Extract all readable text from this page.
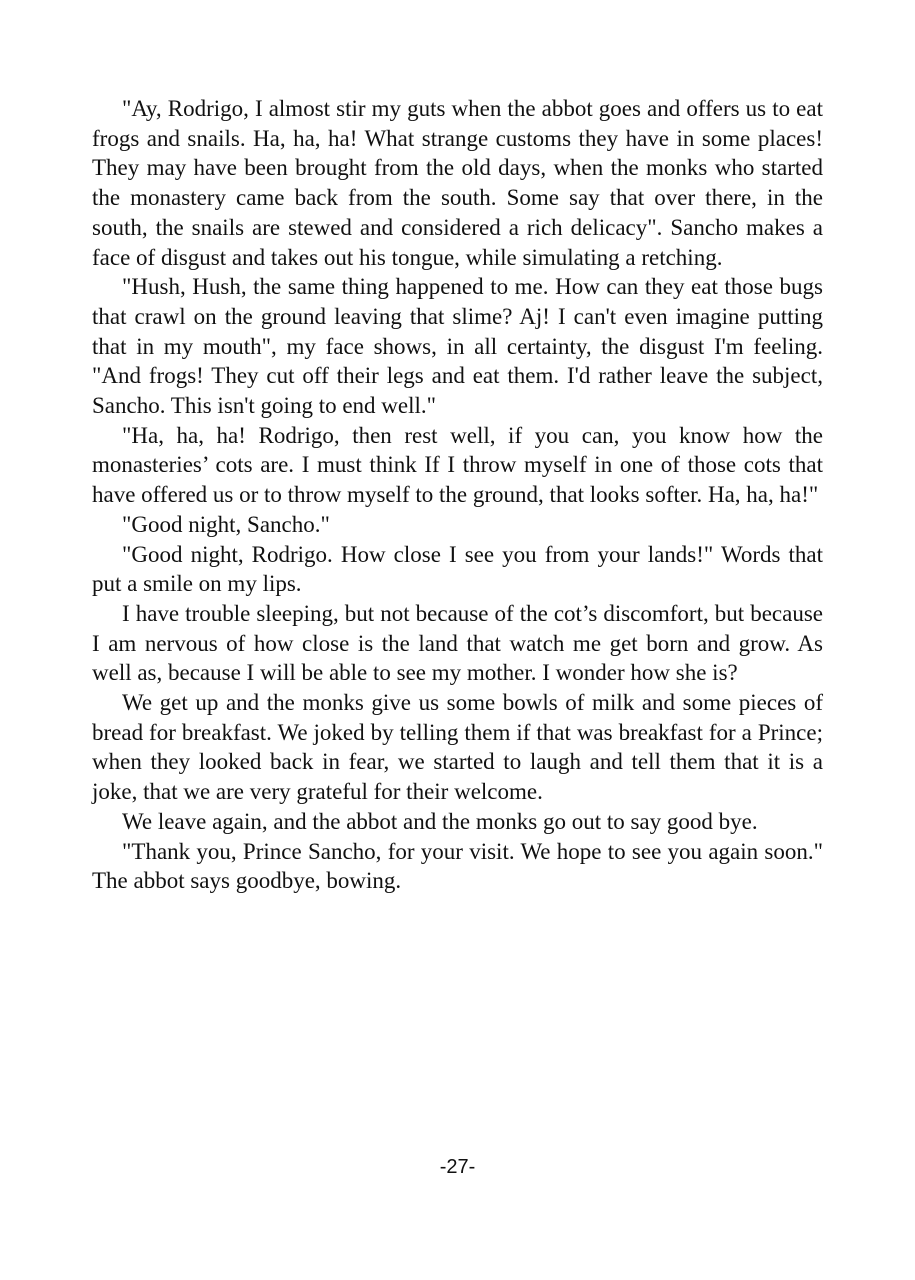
"Ay, Rodrigo, I almost stir my guts when the abbot goes and offers us to eat frogs and snails. Ha, ha, ha! What strange customs they have in some places! They may have been brought from the old days, when the monks who started the monastery came back from the south. Some say that over there, in the south, the snails are stewed and considered a rich delicacy". Sancho makes a face of disgust and takes out his tongue, while simulating a retching.

"Hush, Hush, the same thing happened to me. How can they eat those bugs that crawl on the ground leaving that slime? Aj! I can't even imagine putting that in my mouth", my face shows, in all certainty, the disgust I'm feeling. "And frogs! They cut off their legs and eat them. I'd rather leave the subject, Sancho. This isn't going to end well."

"Ha, ha, ha! Rodrigo, then rest well, if you can, you know how the monasteries’ cots are. I must think If I throw myself in one of those cots that have offered us or to throw myself to the ground, that looks softer. Ha, ha, ha!"

"Good night, Sancho."

"Good night, Rodrigo. How close I see you from your lands!" Words that put a smile on my lips.

I have trouble sleeping, but not because of the cot’s discomfort, but because I am nervous of how close is the land that watch me get born and grow. As well as, because I will be able to see my mother. I wonder how she is?

We get up and the monks give us some bowls of milk and some pieces of bread for breakfast. We joked by telling them if that was breakfast for a Prince; when they looked back in fear, we started to laugh and tell them that it is a joke, that we are very grateful for their welcome.

We leave again, and the abbot and the monks go out to say good bye.

"Thank you, Prince Sancho, for your visit. We hope to see you again soon." The abbot says goodbye, bowing.

-27-
